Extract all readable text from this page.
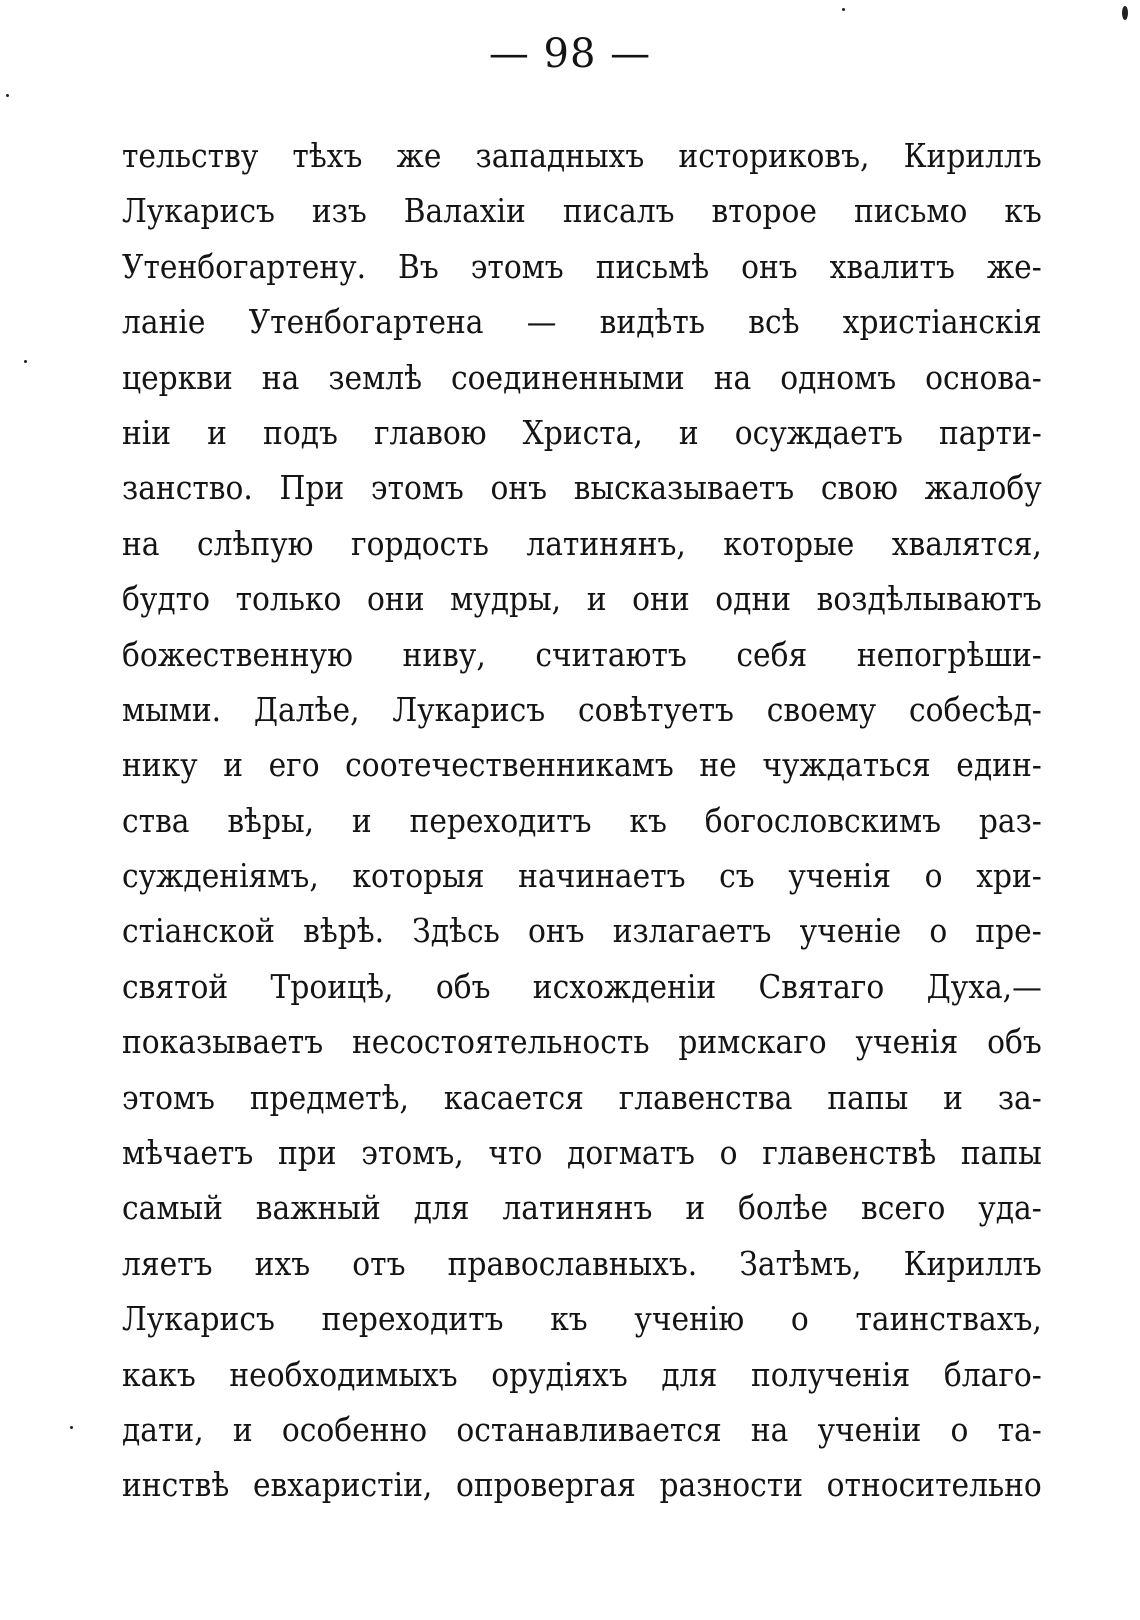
— 98 —
тельству тѣхъ же западныхъ историковъ, Кириллъ
Лукарисъ изъ Валахіи писалъ второе письмо къ
Утенбогартену. Въ этомъ письмѣ онъ хвалитъ же-
ланіе Утенбогартена — видѣть всѣ христіанскія
церкви на землѣ соединенными на одномъ основа-
ніи и подъ главою Христа, и осуждаетъ парти-
занство. При этомъ онъ высказываетъ свою жалобу
на слѣпую гордость латинянъ, которые хвалятся,
будто только они мудры, и они одни воздѣлываютъ
божественную ниву, считаютъ себя непогрѣши-
мыми. Далѣе, Лукарисъ совѣтуетъ своему собесѣд-
нику и его соотечественникамъ не чуждаться един-
ства вѣры, и переходитъ къ богословскимъ раз-
сужденіямъ, которыя начинаетъ съ ученія о хри-
стіанской вѣрѣ. Здѣсь онъ излагаетъ ученіе о пре-
святой Троицѣ, объ исхожденіи Святаго Духа,—
показываетъ несостоятельность римскаго ученія объ
этомъ предметѣ, касается главенства папы и за-
мѣчаетъ при этомъ, что догматъ о главенствѣ папы
самый важный для латинянъ и болѣе всего уда-
ляетъ ихъ отъ православныхъ. Затѣмъ, Кириллъ
Лукарисъ переходитъ къ ученію о таинствахъ,
какъ необходимыхъ орудіяхъ для полученія благо-
дати, и особенно останавливается на ученіи о та-
инствѣ евхаристіи, опровергая разности относительно
